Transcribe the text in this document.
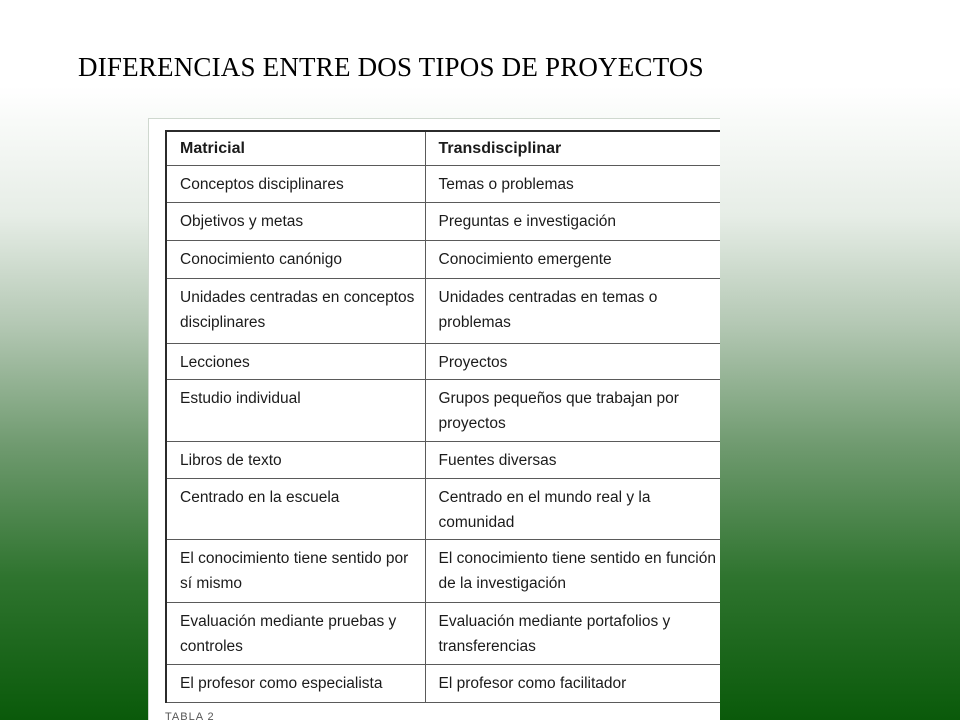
DIFERENCIAS ENTRE DOS TIPOS DE PROYECTOS
Matricial	Transdisciplinar
Conceptos disciplinares	Temas o problemas
Objetivos y metas	Preguntas e investigación
Conocimiento canónigo	Conocimiento emergente
Unidades centradas en conceptos disciplinares	Unidades centradas en temas o problemas
Lecciones	Proyectos
Estudio individual	Grupos pequeños que trabajan por proyectos
Libros de texto	Fuentes diversas
Centrado en la escuela	Centrado en el mundo real y la comunidad
El conocimiento tiene sentido por sí mismo	El conocimiento tiene sentido en función de la investigación
Evaluación mediante pruebas y controles	Evaluación mediante portafolios y transferencias
El profesor como especialista	El profesor como facilitador
TABLA 2
